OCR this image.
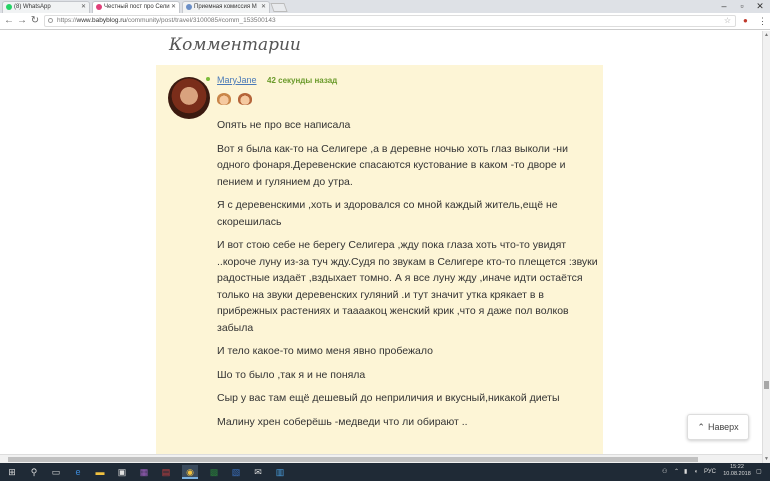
(8) WhatsApp	✕	Честный пост про Сели ✕	Приемная комиссия М ✕	–	▫	✕
← → ↻	https://www.babyblog.ru/community/post/travel/3100085#comm_153500143	☆ ● ⋮
Комментарии
MaryJane 42 секунды назад

Опять не про все написала

Вот я была как-то на Селигере ,а в деревне ночью хоть глаз выколи -ни одного фонаря.Деревенские спасаются кустование в каком -то дворе и пением и гулянием до утра.

Я с деревенскими ,хоть и здоровался со мной каждый житель,ещё не скорешилась

И вот стою себе не берегу Селигера ,жду пока глаза хоть что-то увидят ..короче луну из-за туч жду.Судя по звукам в Селигере кто-то плещется :звуки радостные издаёт ,вздыхает томно. А я все луну жду ,иначе идти остаётся только на звуки деревенских гуляний .и тут значит утка крякает в в прибрежных растениях и таааакоц женский крик ,что я даже пол волков забыла

И тело какое-то мимо меня явно пробежало

Шо то было ,так я и не поняла

Сыр у вас там ещё дешевый до неприличия и вкусный,никакой диеты

Малину хрен соберёшь -медведи что ли обирают ..	⌃ Наверх
▲
▼
⊞	⚲	▭	e	▬	▣	▦	▤	◉	▩	▧	✉	▥	⚇ ⌃ ▮ ◖ РУС
15:22
10.08.2018 ▢
